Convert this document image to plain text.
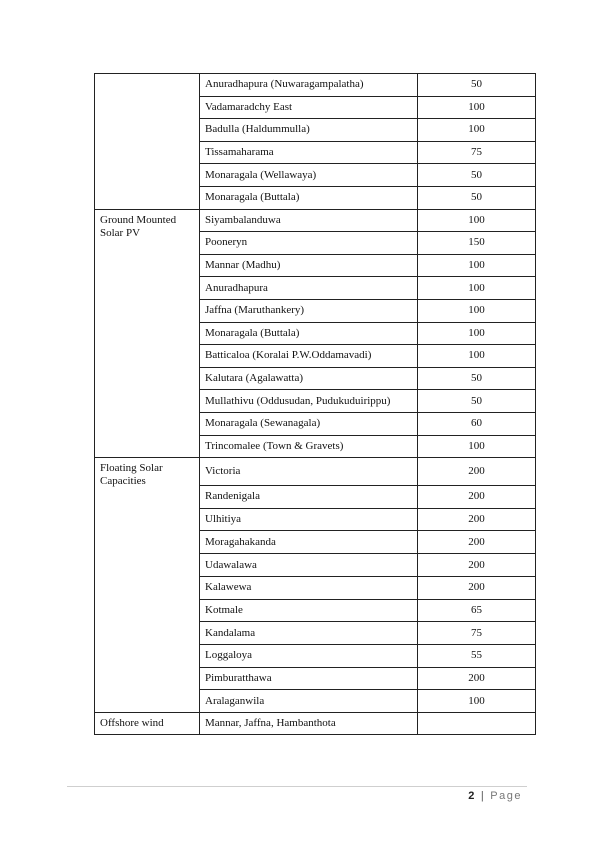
	Anuradhapura (Nuwaragampalatha)	50
	Vadamaradchy East	100
	Badulla (Haldummulla)	100
	Tissamaharama	75
	Monaragala (Wellawaya)	50
	Monaragala (Buttala)	50
Ground Mounted Solar PV	Siyambalanduwa	100
	Pooneryn	150
	Mannar (Madhu)	100
	Anuradhapura	100
	Jaffna (Maruthankery)	100
	Monaragala (Buttala)	100
	Batticaloa (Koralai P.W.Oddamavadi)	100
	Kalutara (Agalawatta)	50
	Mullathivu (Oddusudan, Pudukuduirippu)	50
	Monaragala (Sewanagala)	60
	Trincomalee (Town & Gravets)	100
Floating Solar Capacities	Victoria	200
	Randenigala	200
	Ulhitiya	200
	Moragahakanda	200
	Udawalawa	200
	Kalawewa	200
	Kotmale	65
	Kandalama	75
	Loggaloya	55
	Pimburatthawa	200
	Aralaganwila	100
Offshore wind	Mannar, Jaffna, Hambanthota	
2 | Page
